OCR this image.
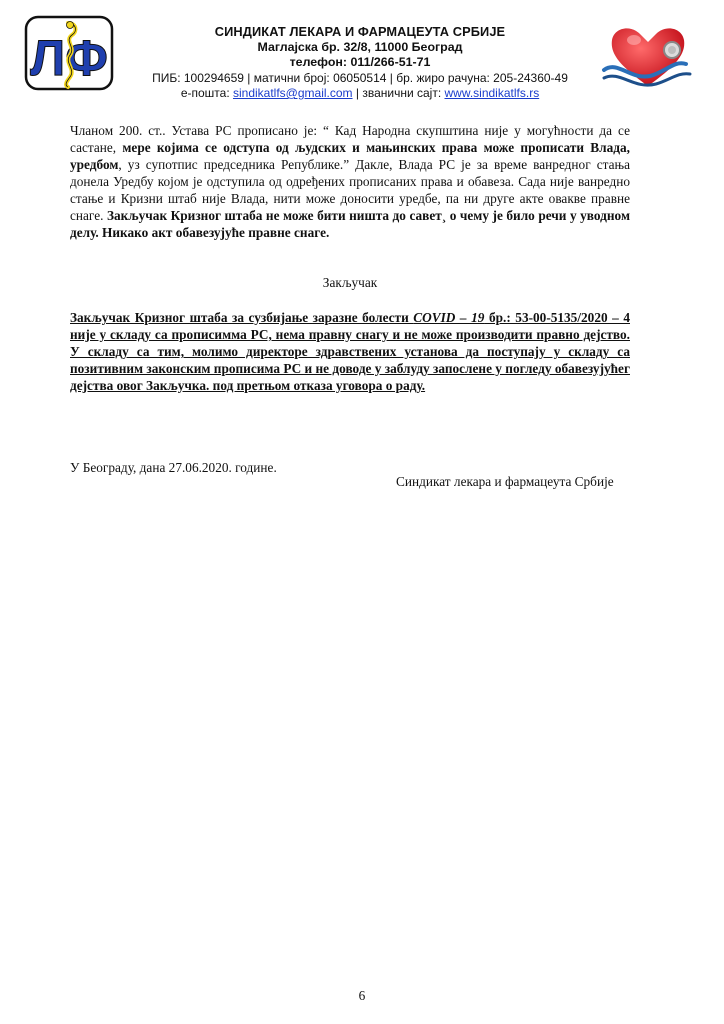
ЛФ	СИНДИКАТ ЛЕКАРА И ФАРМАЦЕУТА СРБИЈЕ
Маглајска бр. 32/8, 11000 Београд
телефон: 011/266-51-71
ПИБ: 100294659 | матични број: 06050514 | бр. жиро рачуна: 205-24360-49
е-пошта: sindikatlfs@gmail.com | званични сајт: www.sindikatlfs.rs
Чланом 200. ст.. Устава РС прописано је: “ Кад Народна скупштина није у могућности да се састане, мере којима се одступа од људских и мањинских права може прописати Влада, уредбом, уз супотпис председника Републике.” Дакле, Влада РС је за време ванредног стања донела Уредбу којом је одступила од одређених прописаних права и обавеза. Сада није ванредно стање и Кризни штаб није Влада, нити може доносити уредбе, па ни друге акте овакве правне снаге. Закључак Кризног штаба не може бити ништа до савет¸ о чему је било речи у уводном делу. Никако акт обавезујуће правне снаге.
Закључак
Закључак Кризног штаба за сузбијање заразне болести COVID – 19 бр.: 53-00-5135/2020 – 4 није у складу са прописимма РС, нема правну снагу и не може производити правно дејство. У складу са тим, молимо директоре здравствених установа да поступају у складу са позитивним законским прописима РС и не доводе у заблуду запослене у погледу обавезујућег дејства овог Закључка. под претњом отказа уговора о раду.
У Београду, дана 27.06.2020. године.
Синдикат лекара и фармацеута Србије
6
